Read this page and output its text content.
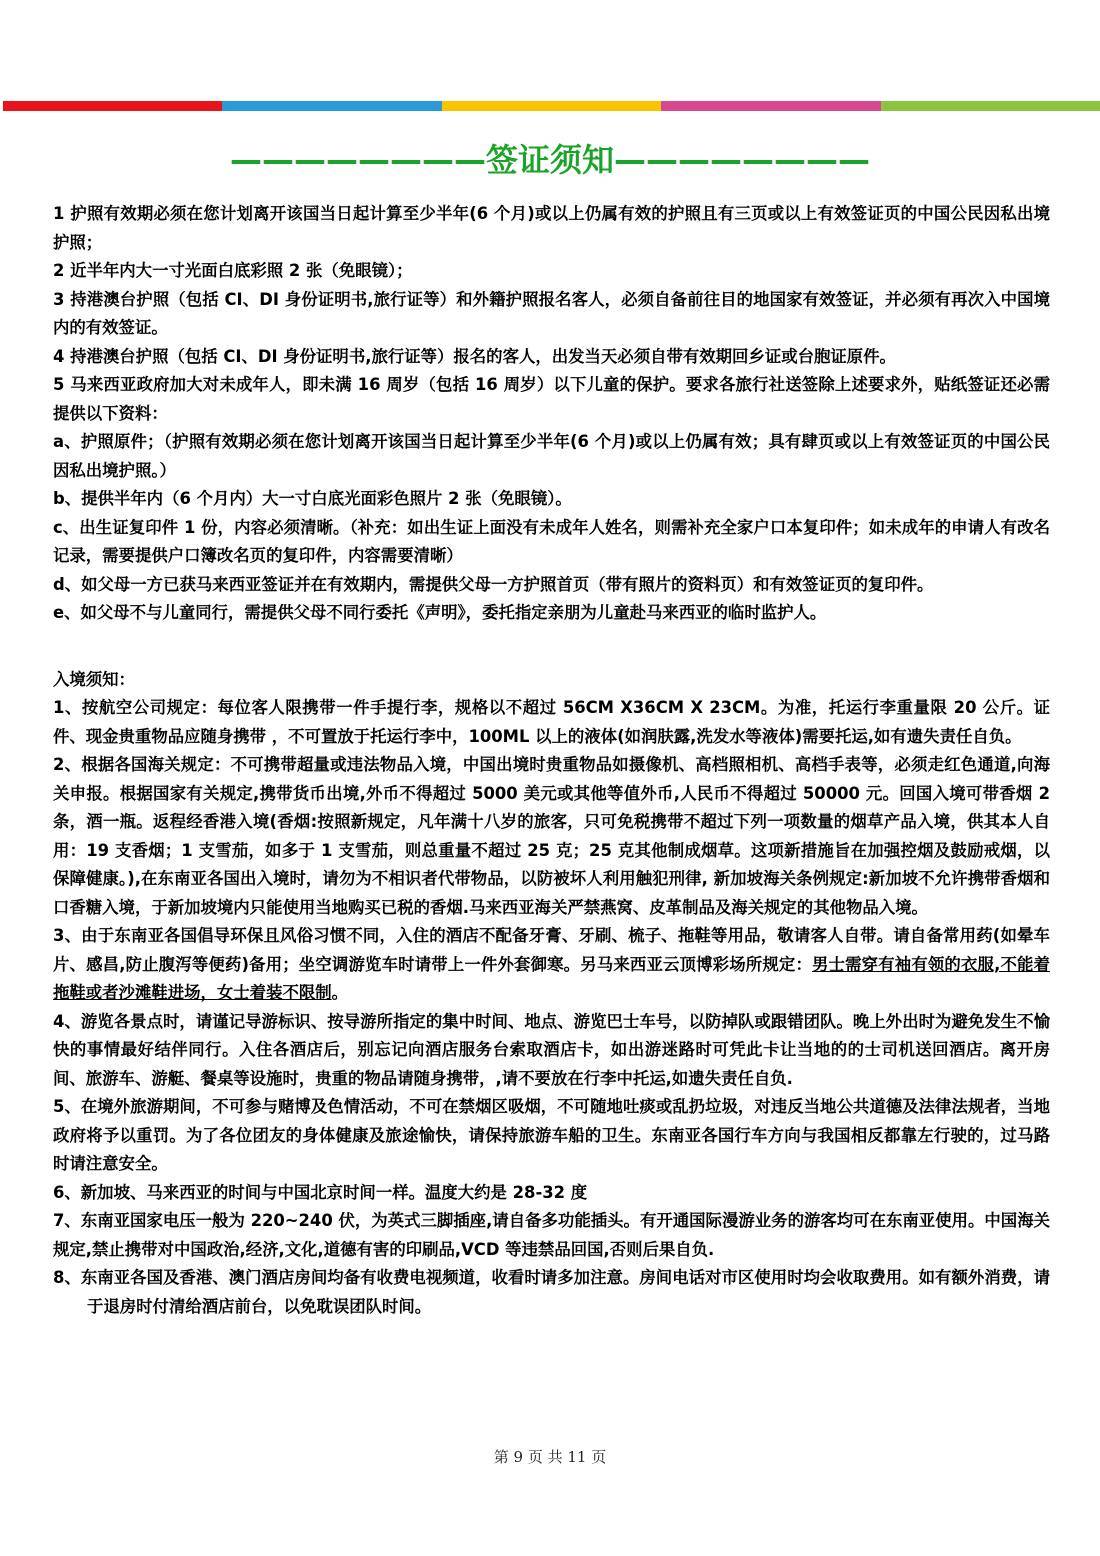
————————签证须知————————

1 护照有效期必须在您计划离开该国当日起计算至少半年(6 个月)或以上仍属有效的护照且有三页或以上有效签证页的中国公民因私出境护照；

2 近半年内大一寸光面白底彩照 2 张（免眼镜）；

3 持港澳台护照（包括 CI、DI 身份证明书,旅行证等）和外籍护照报名客人，必须自备前往目的地国家有效签证，并必须有再次入中国境内的有效签证。

4 持港澳台护照（包括 CI、DI 身份证明书,旅行证等）报名的客人，出发当天必须自带有效期回乡证或台胞证原件。

5 马来西亚政府加大对未成年人，即未满 16 周岁（包括 16 周岁）以下儿童的保护。要求各旅行社送签除上述要求外，贴纸签证还必需提供以下资料：

a、护照原件；（护照有效期必须在您计划离开该国当日起计算至少半年(6 个月)或以上仍属有效；具有肆页或以上有效签证页的中国公民因私出境护照。）

b、提供半年内（6 个月内）大一寸白底光面彩色照片 2 张（免眼镜）。

c、出生证复印件 1 份，内容必须清晰。（补充：如出生证上面没有未成年人姓名，则需补充全家户口本复印件；如未成年的申请人有改名记录，需要提供户口簿改名页的复印件，内容需要清晰）

d、如父母一方已获马来西亚签证并在有效期内，需提供父母一方护照首页（带有照片的资料页）和有效签证页的复印件。

e、如父母不与儿童同行，需提供父母不同行委托《声明》，委托指定亲朋为儿童赴马来西亚的临时监护人。

入境须知：

1、按航空公司规定：每位客人限携带一件手提行李，规格以不超过 56CM X36CM X 23CM。为准，托运行李重量限 20 公斤。证件、现金贵重物品应随身携带 ，不可置放于托运行李中，100ML 以上的液体(如润肤露,洗发水等液体)需要托运,如有遗失责任自负。

2、根据各国海关规定：不可携带超量或违法物品入境，中国出境时贵重物品如摄像机、高档照相机、高档手表等，必须走红色通道,向海关申报。根据国家有关规定,携带货币出境,外币不得超过 5000 美元或其他等值外币,人民币不得超过 50000 元。回国入境可带香烟 2 条，酒一瓶。返程经香港入境(香烟:按照新规定，凡年满十八岁的旅客，只可免税携带不超过下列一项数量的烟草产品入境，供其本人自用：19 支香烟；1 支雪茄，如多于 1 支雪茄，则总重量不超过 25 克；25 克其他制成烟草。这项新措施旨在加强控烟及鼓励戒烟，以保障健康。),在东南亚各国出入境时，请勿为不相识者代带物品，以防被坏人利用触犯刑律, 新加坡海关条例规定:新加坡不允许携带香烟和口香糖入境，于新加坡境内只能使用当地购买已税的香烟.马来西亚海关严禁燕窝、皮革制品及海关规定的其他物品入境。

3、由于东南亚各国倡导环保且风俗习惯不同，入住的酒店不配备牙膏、牙刷、梳子、拖鞋等用品，敬请客人自带。请自备常用药(如晕车片、感昌,防止腹泻等便药)备用；坐空调游览车时请带上一件外套御寒。另马来西亚云顶博彩场所规定：男士需穿有袖有领的衣服,不能着拖鞋或者沙滩鞋进场，女士着装不限制。

4、游览各景点时，请谨记导游标识、按导游所指定的集中时间、地点、游览巴士车号，以防掉队或跟错团队。晚上外出时为避免发生不愉快的事情最好结伴同行。入住各酒店后，别忘记向酒店服务台索取酒店卡，如出游迷路时可凭此卡让当地的的士司机送回酒店。离开房间、旅游车、游艇、餐桌等设施时，贵重的物品请随身携带，,请不要放在行李中托运,如遗失责任自负.

5、在境外旅游期间，不可参与赌博及色情活动，不可在禁烟区吸烟，不可随地吐痰或乱扔垃圾，对违反当地公共道德及法律法规者，当地政府将予以重罚。为了各位团友的身体健康及旅途愉快，请保持旅游车船的卫生。东南亚各国行车方向与我国相反都靠左行驶的，过马路时请注意安全。

6、新加坡、马来西亚的时间与中国北京时间一样。温度大约是 28-32 度

7、东南亚国家电压一般为 220~240 伏，为英式三脚插座,请自备多功能插头。有开通国际漫游业务的游客均可在东南亚使用。中国海关规定,禁止携带对中国政治,经济,文化,道德有害的印刷品,VCD 等违禁品回国,否则后果自负.

8、东南亚各国及香港、澳门酒店房间均备有收费电视频道，收看时请多加注意。房间电话对市区使用时均会收取费用。如有额外消费，请于退房时付清给酒店前台，以免耽误团队时间。

第 9 页 共 11 页
